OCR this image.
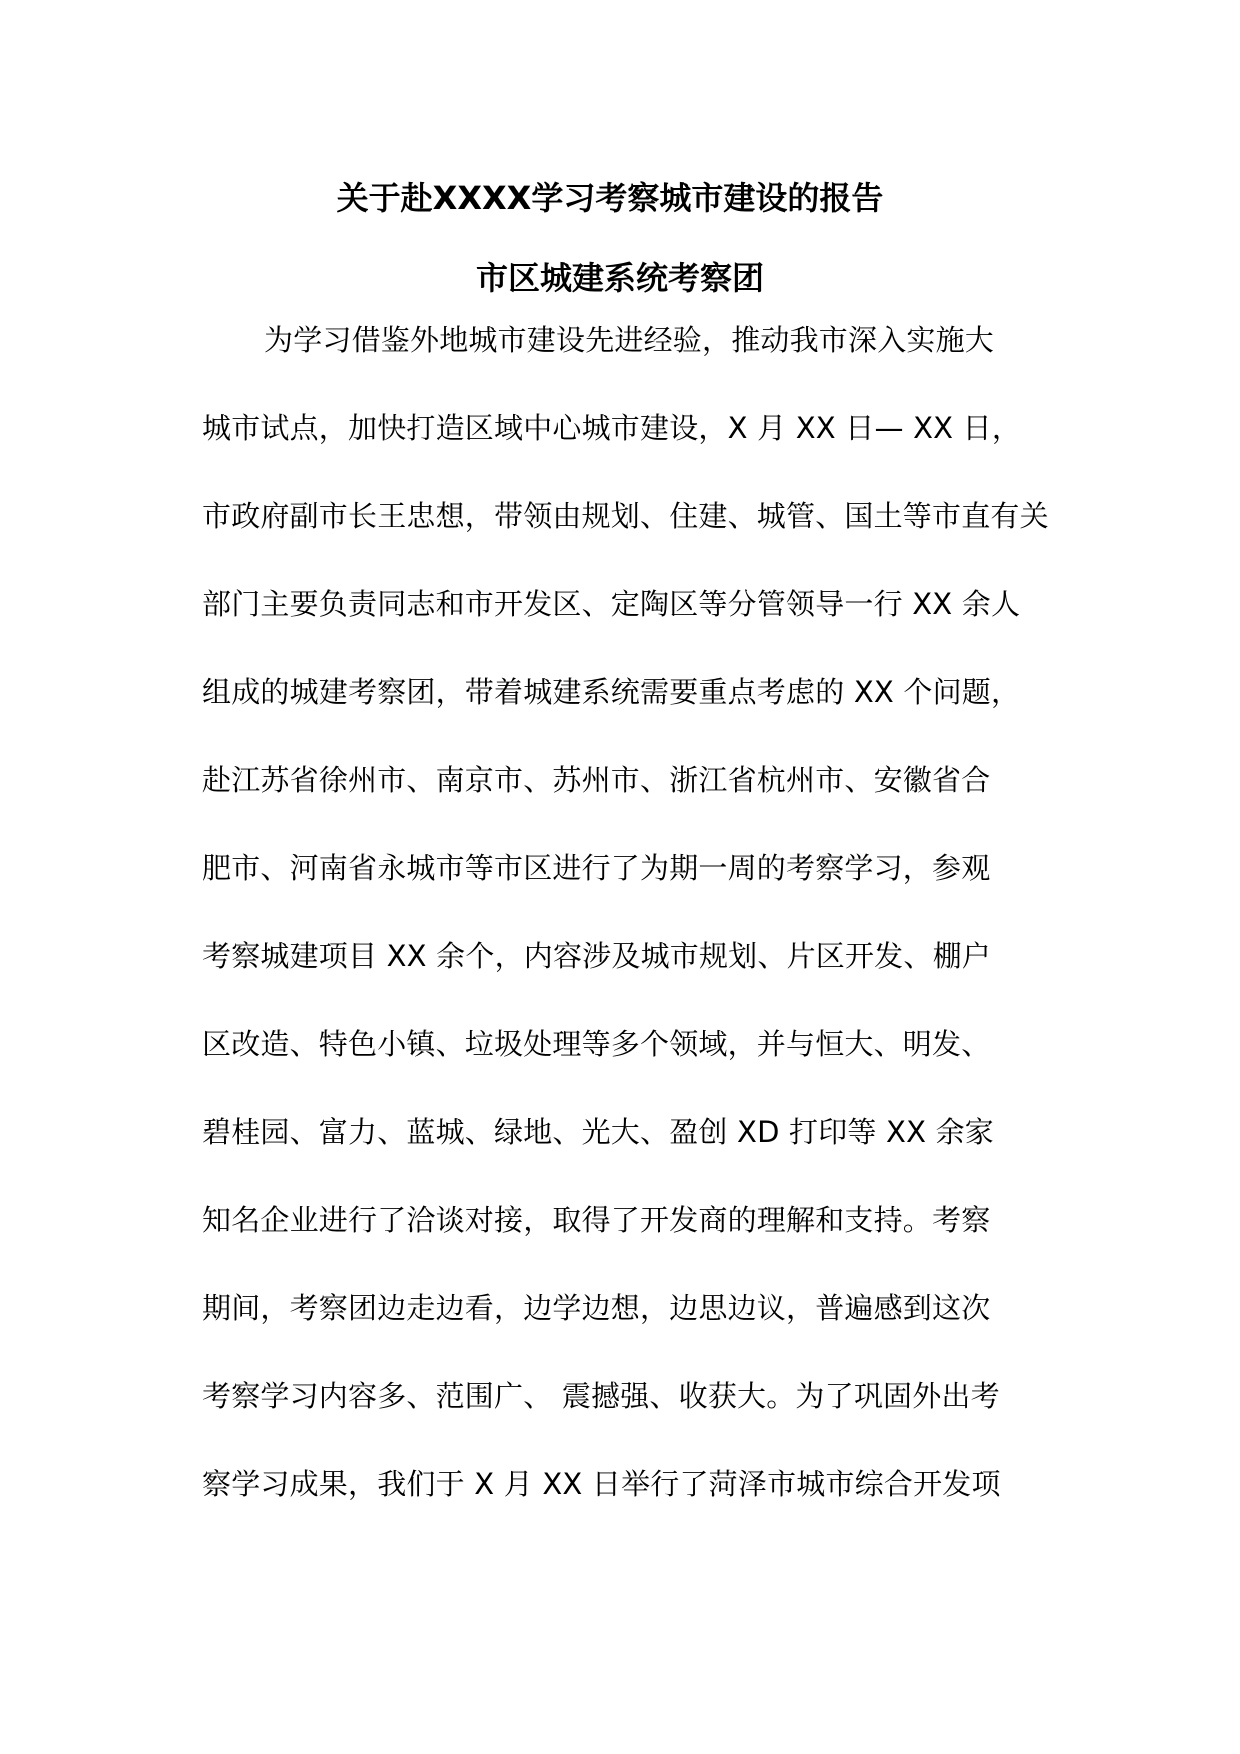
关于赴XXXX学习考察城市建设的报告
市区城建系统考察团
为学习借鉴外地城市建设先进经验，推动我市深入实施大
城市试点，加快打造区域中心城市建设，X 月 XX 日— XX 日，
市政府副市长王忠想，带领由规划、住建、城管、国土等市直有关
部门主要负责同志和市开发区、定陶区等分管领导一行 XX 余人
组成的城建考察团，带着城建系统需要重点考虑的 XX 个问题，
赴江苏省徐州市、南京市、苏州市、浙江省杭州市、安徽省合
肥市、河南省永城市等市区进行了为期一周的考察学习，参观
考察城建项目 XX 余个，内容涉及城市规划、片区开发、棚户
区改造、特色小镇、垃圾处理等多个领域，并与恒大、明发、
碧桂园、富力、蓝城、绿地、光大、盈创 XD 打印等 XX 余家
知名企业进行了洽谈对接，取得了开发商的理解和支持。考察
期间，考察团边走边看，边学边想，边思边议，普遍感到这次
考察学习内容多、范围广、 震撼强、收获大。为了巩固外出考
察学习成果，我们于 X 月 XX 日举行了菏泽市城市综合开发项
